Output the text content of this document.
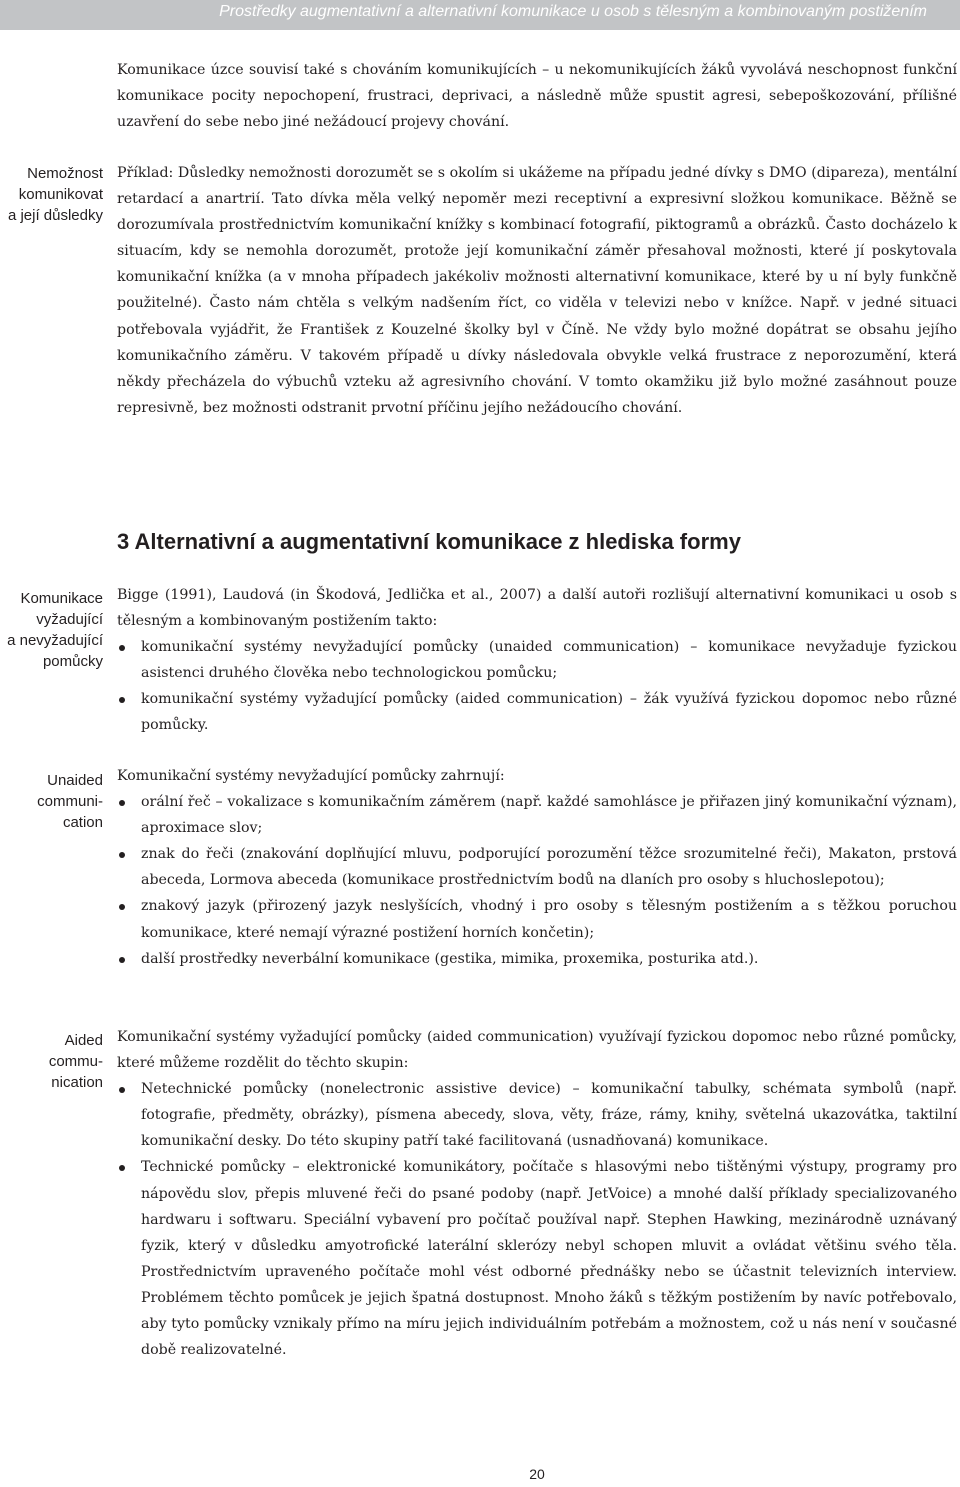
Prostředky augmentativní a alternativní komunikace u osob s tělesným a kombinovaným postižením

Komunikace úzce souvisí také s chováním komunikujících – u nekomunikujících žáků vyvolává neschopnost funkční komunikace pocity nepochopení, frustraci, deprivaci, a následně může spustit agresi, sebepoškozování, přílišné uzavření do sebe nebo jiné nežádoucí projevy chování.

Nemožnost
komunikovat
a její důsledky

Příklad: Důsledky nemožnosti dorozumět se s okolím si ukážeme na případu jedné dívky s DMO (dipareza), mentální retardací a anartrií. Tato dívka měla velký nepoměr mezi receptivní a expresivní složkou komunikace. Běžně se dorozumívala prostřednictvím komunikační knížky s kombinací fotografií, piktogramů a obrázků. Často docházelo k situacím, kdy se nemohla dorozumět, protože její komunikační záměr přesahoval možnosti, které jí poskytovala komunikační knížka (a v mnoha případech jakékoliv možnosti alternativní komunikace, které by u ní byly funkčně použitelné). Často nám chtěla s velkým nadšením říct, co viděla v televizi nebo v knížce. Např. v jedné situaci potřebovala vyjádřit, že František z Kouzelné školky byl v Číně. Ne vždy bylo možné dopátrat se obsahu jejího komunikačního záměru. V takovém případě u dívky následovala obvykle velká frustrace z neporozumění, která někdy přecházela do výbuchů vzteku až agresivního chování. V tomto okamžiku již bylo možné zasáhnout pouze represivně, bez možnosti odstranit prvotní příčinu jejího nežádoucího chování.

3 Alternativní a augmentativní komunikace z hlediska formy
Komunikace
vyžadující
a nevyžadující
pomůcky

Bigge (1991), Laudová (in Škodová, Jedlička et al., 2007) a další autoři rozlišují alternativní komunikaci u osob s tělesným a kombinovaným postižením takto:

komunikační systémy nevyžadující pomůcky (unaided communication) – komunikace nevyžaduje fyzickou asistenci druhého člověka nebo technologickou pomůcku;
komunikační systémy vyžadující pomůcky (aided communication) – žák využívá fyzickou dopomoc nebo různé pomůcky.
Unaided
communi-
cation

Komunikační systémy nevyžadující pomůcky zahrnují:

orální řeč – vokalizace s komunikačním záměrem (např. každé samohlásce je přiřazen jiný komunikační význam), aproximace slov;
znak do řeči (znakování doplňující mluvu, podporující porozumění těžce srozumitelné řeči), Makaton, prstová abeceda, Lormova abeceda (komunikace prostřednictvím bodů na dlaních pro osoby s hluchoslepotou);
znakový jazyk (přirozený jazyk neslyšících, vhodný i pro osoby s tělesným postižením a s těžkou poruchou komunikace, které nemají výrazné postižení horních končetin);
další prostředky neverbální komunikace (gestika, mimika, proxemika, posturika atd.).
Aided
commu-
nication

Komunikační systémy vyžadující pomůcky (aided communication) využívají fyzickou dopomoc nebo různé pomůcky, které můžeme rozdělit do těchto skupin:

Netechnické pomůcky (nonelectronic assistive device) – komunikační tabulky, schémata symbolů (např. fotografie, předměty, obrázky), písmena abecedy, slova, věty, fráze, rámy, knihy, světelná ukazovátka, taktilní komunikační desky. Do této skupiny patří také facilitovaná (usnadňovaná) komunikace.
Technické pomůcky – elektronické komunikátory, počítače s hlasovými nebo tištěnými výstupy, programy pro nápovědu slov, přepis mluvené řeči do psané podoby (např. JetVoice) a mnohé další příklady specializovaného hardwaru i softwaru. Speciální vybavení pro počítač používal např. Stephen Hawking, mezinárodně uznávaný fyzik, který v důsledku amyotrofické laterální sklerózy nebyl schopen mluvit a ovládat většinu svého těla. Prostřednictvím upraveného počítače mohl vést odborné přednášky nebo se účastnit televizních interview. Problémem těchto pomůcek je jejich špatná dostupnost. Mnoho žáků s těžkým postižením by navíc potřebovalo, aby tyto pomůcky vznikaly přímo na míru jejich individuálním potřebám a možnostem, což u nás není v současné době realizovatelné.
20
